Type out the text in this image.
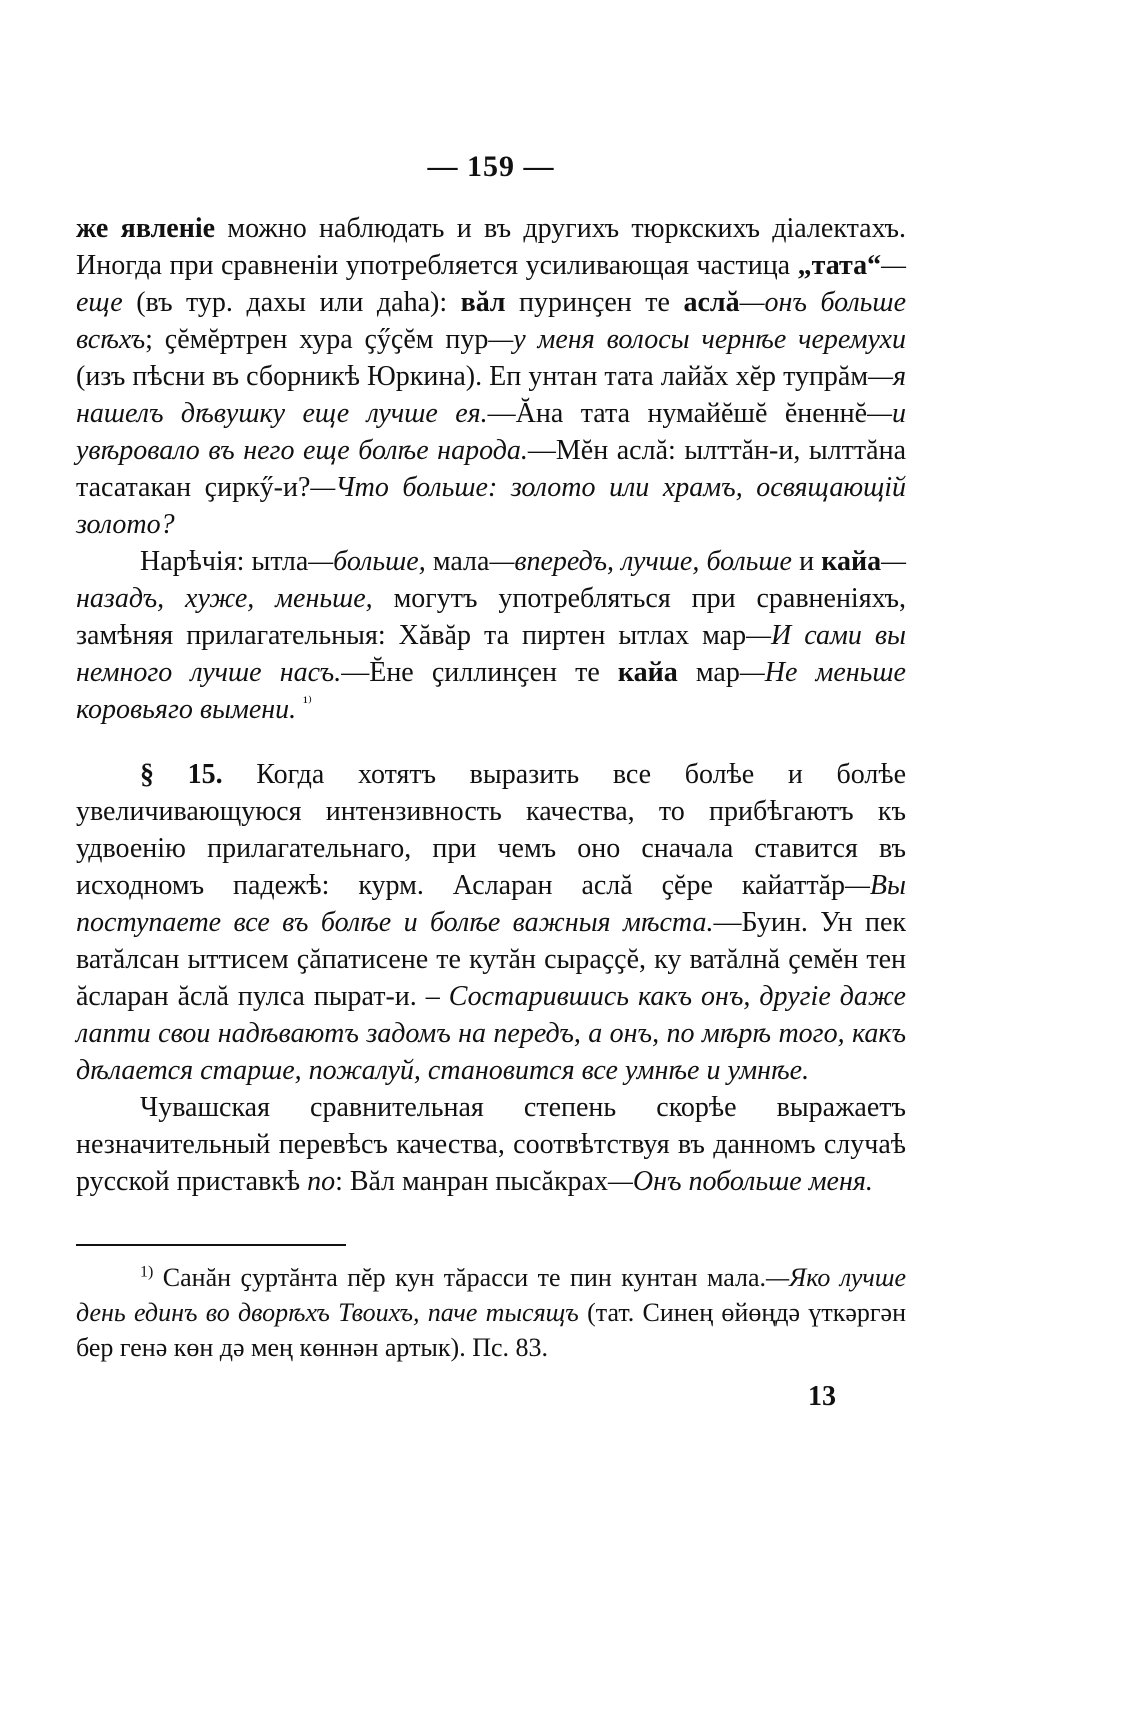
— 159 —

же явленіе можно наблюдать и въ другихъ тюркскихъ діалектахъ. Иногда при сравненіи употребляется усиливающая частица „тата“—еще (въ тур. дахы или даһа): вăл пуринҫен те аслă—онъ больше всѣхъ; ҫĕмĕртрен хура ҫӳҫĕм пур—у меня волосы чернѣе черемухи (изъ пѣсни въ сборникѣ Юркина). Еп унтан тата лайăх хĕр тупрăм—я нашелъ дѣвушку еще лучше ея.—Ăна тата нумайĕшĕ ĕненнĕ—и увѣровало въ него еще болѣе народа.—Мĕн аслă: ылттăн-и, ылттăна тасатакан ҫиркӳ-и?—Что больше: золото или храмъ, освящающій золото?

Нарѣчія: ытла—больше, мала—впередъ, лучше, больше и кайа—назадъ, хуже, меньше, могутъ употребляться при сравненіяхъ, замѣняя прилагательныя: Хăвăр та пиртен ытлах мар—И сами вы немного лучше насъ.—Ĕне ҫиллинҫен те кайа мар—Не меньше коровьяго вымени. $^{^{1)}}$

§ 15. Когда хотятъ выразить все болѣе и болѣе увеличивающуюся интензивность качества, то прибѣгаютъ къ удвоенію прилагательнаго, при чемъ оно сначала ставится въ исходномъ падежѣ: курм. Асларан аслă ҫĕре кайаттăр—Вы поступаете все въ болѣе и болѣе важныя мѣста.—Буин. Ун пек ватăлсан ыттисем ҫăпатисене те кутăн сыраҫҫĕ, ку ватăлнă ҫемĕн тен ăсларан ăслă пулса пырат-и. – Состарившись какъ онъ, другіе даже лапти свои надѣваютъ задомъ на передъ, а онъ, по мѣрѣ того, какъ дѣлается старше, пожалуй, становится все умнѣе и умнѣе.

Чувашская сравнительная степень скорѣе выражаетъ незначительный перевѣсъ качества, соотвѣтствуя въ данномъ случаѣ русской приставкѣ по: Вăл манран пысăкрах—Онъ побольше меня.

$^{1)}$ Санăн ҫуртăнта пĕр кун тăрасси те пин кунтан мала.—Яко лучше день единъ во дворѣхъ Твоихъ, паче тысящъ (тат. Синең өйөңдә үткәргән бер генә көн дә мең көннән артык). Пс. 83.

13
